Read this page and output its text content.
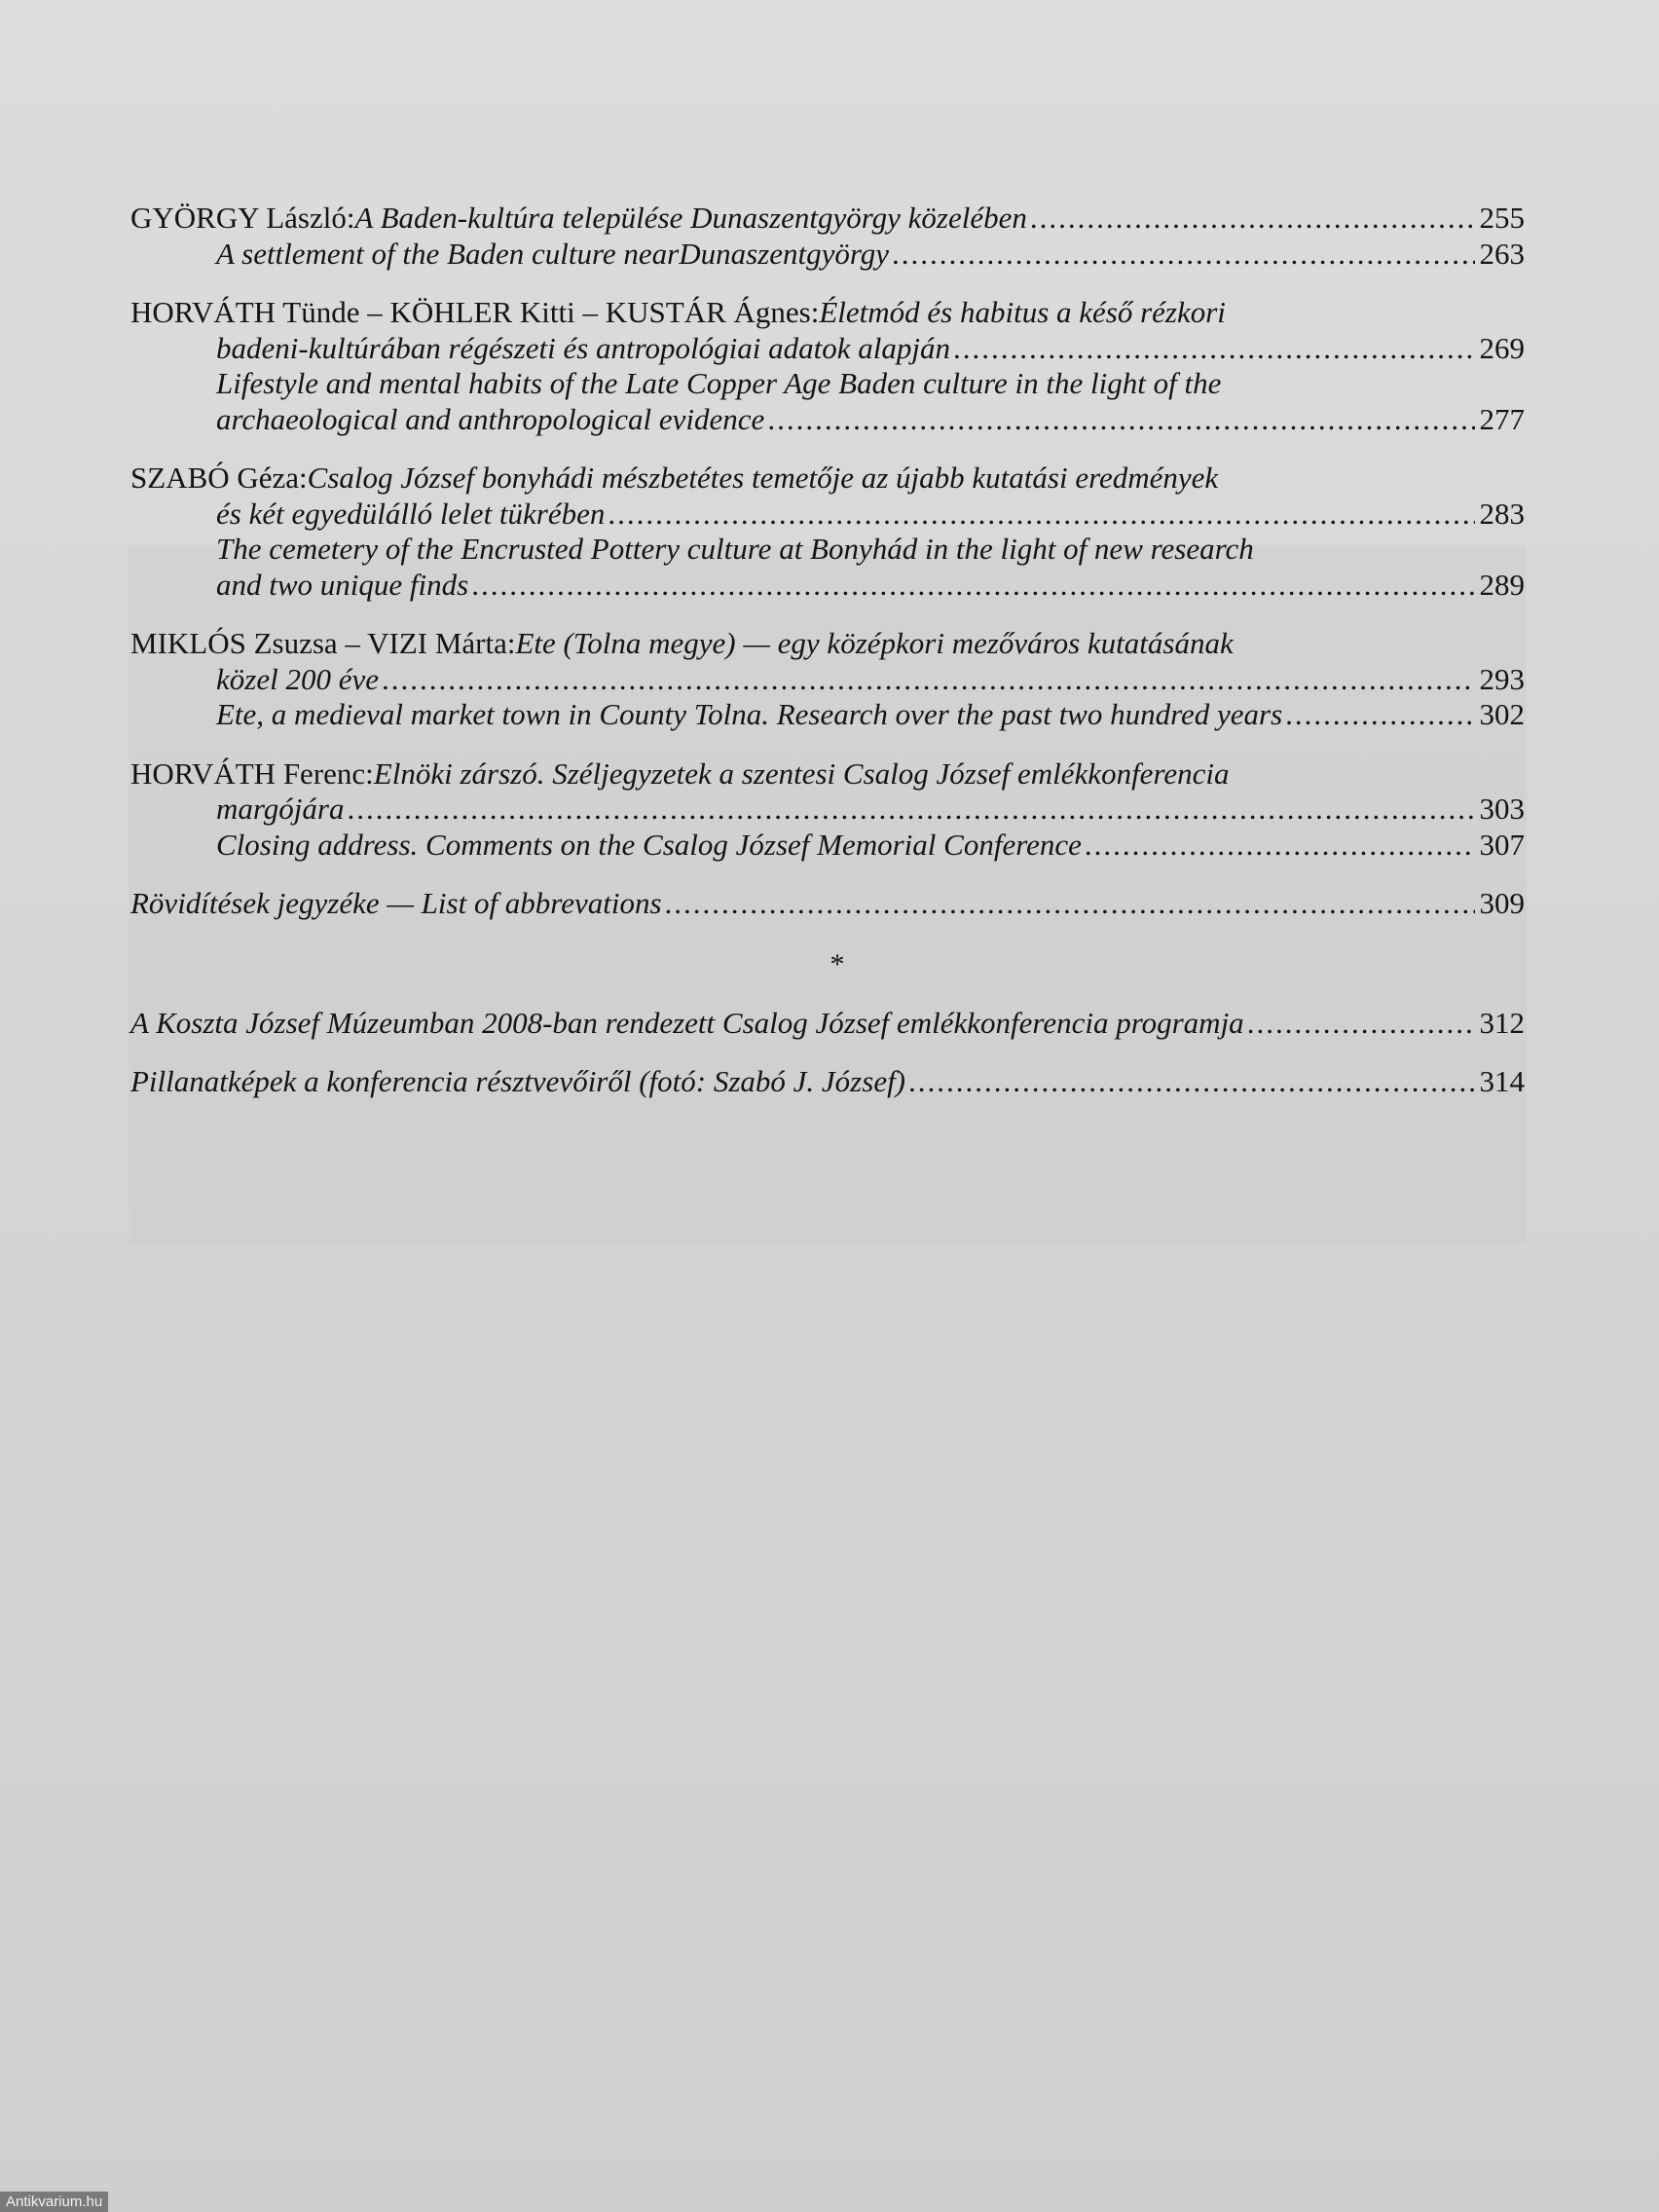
GYÖRGY László: A Baden-kultúra települése Dunaszentgyörgy közelében .....	255
A settlement of the Baden culture nearDunaszentgyörgy .....	263
HORVÁTH Tünde – KÖHLER Kitti – KUSTÁR Ágnes: Életmód és habitus a késő rézkori
badeni-kultúrában régészeti és antropológiai adatok alapján .....	269
Lifestyle and mental habits of the Late Copper Age Baden culture in the light of the
archaeological and anthropological evidence .....	277
SZABÓ Géza: Csalog József bonyhádi mészbetétes temetője az újabb kutatási eredmények
és két egyedülálló lelet tükrében .....	283
The cemetery of the Encrusted Pottery culture at Bonyhád in the light of new research
and two unique finds .....	289
MIKLÓS Zsuzsa – VIZI Márta: Ete (Tolna megye) — egy középkori mezőváros kutatásának
közel 200 éve .....	293
Ete, a medieval market town in County Tolna. Research over the past two hundred years .....	302
HORVÁTH Ferenc: Elnöki zárszó. Széljegyzetek a szentesi Csalog József emlékkonferencia
margójára .....	303
Closing address. Comments on the Csalog József Memorial Conference .....	307
Rövidítések jegyzéke — List of abbrevations .....	309
*
A Koszta József Múzeumban 2008-ban rendezett Csalog József emlékkonferencia programja .....	312
Pillanatképek a konferencia résztvevőiről (fotó: Szabó J. József) .....	314
Antikvarium.hu
